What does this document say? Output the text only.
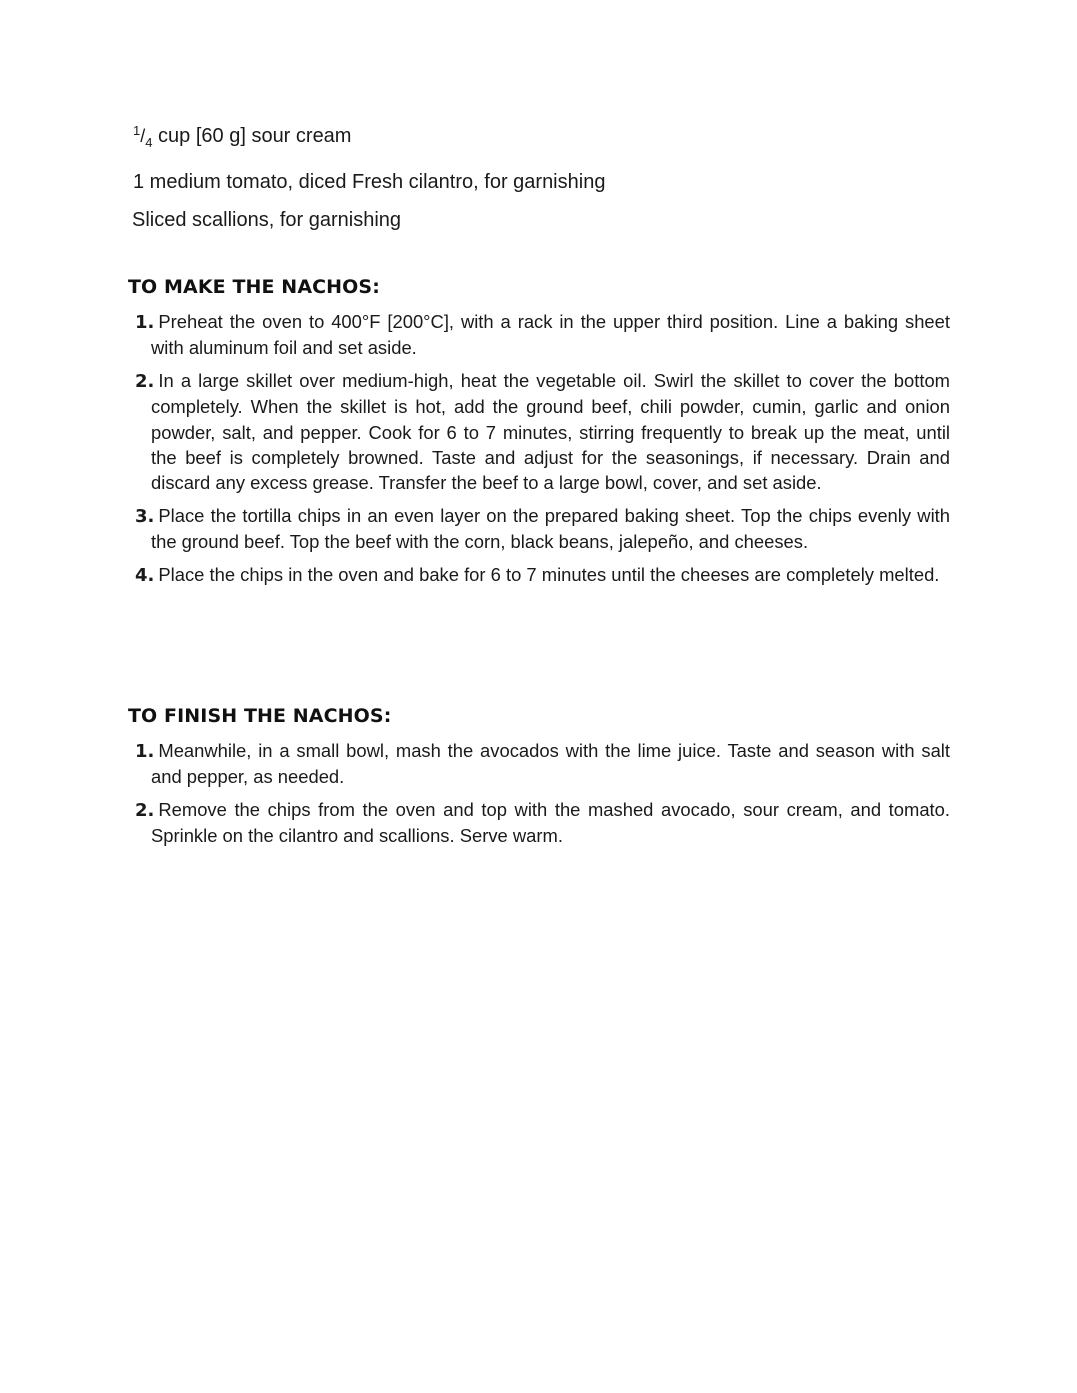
$^1/_4$ cup [60 g] sour cream
1 medium tomato, diced Fresh cilantro, for garnishing
Sliced scallions, for garnishing
TO MAKE THE NACHOS:
1. Preheat the oven to 400°F [200°C], with a rack in the upper third position. Line a baking sheet with aluminum foil and set aside.
2. In a large skillet over medium-high, heat the vegetable oil. Swirl the skillet to cover the bottom completely. When the skillet is hot, add the ground beef, chili powder, cumin, garlic and onion powder, salt, and pepper. Cook for 6 to 7 minutes, stirring frequently to break up the meat, until the beef is completely browned. Taste and adjust for the seasonings, if necessary. Drain and discard any excess grease. Transfer the beef to a large bowl, cover, and set aside.
3. Place the tortilla chips in an even layer on the prepared baking sheet. Top the chips evenly with the ground beef. Top the beef with the corn, black beans, jalepeño, and cheeses.
4. Place the chips in the oven and bake for 6 to 7 minutes until the cheeses are completely melted.
TO FINISH THE NACHOS:
1. Meanwhile, in a small bowl, mash the avocados with the lime juice. Taste and season with salt and pepper, as needed.
2. Remove the chips from the oven and top with the mashed avocado, sour cream, and tomato. Sprinkle on the cilantro and scallions. Serve warm.
